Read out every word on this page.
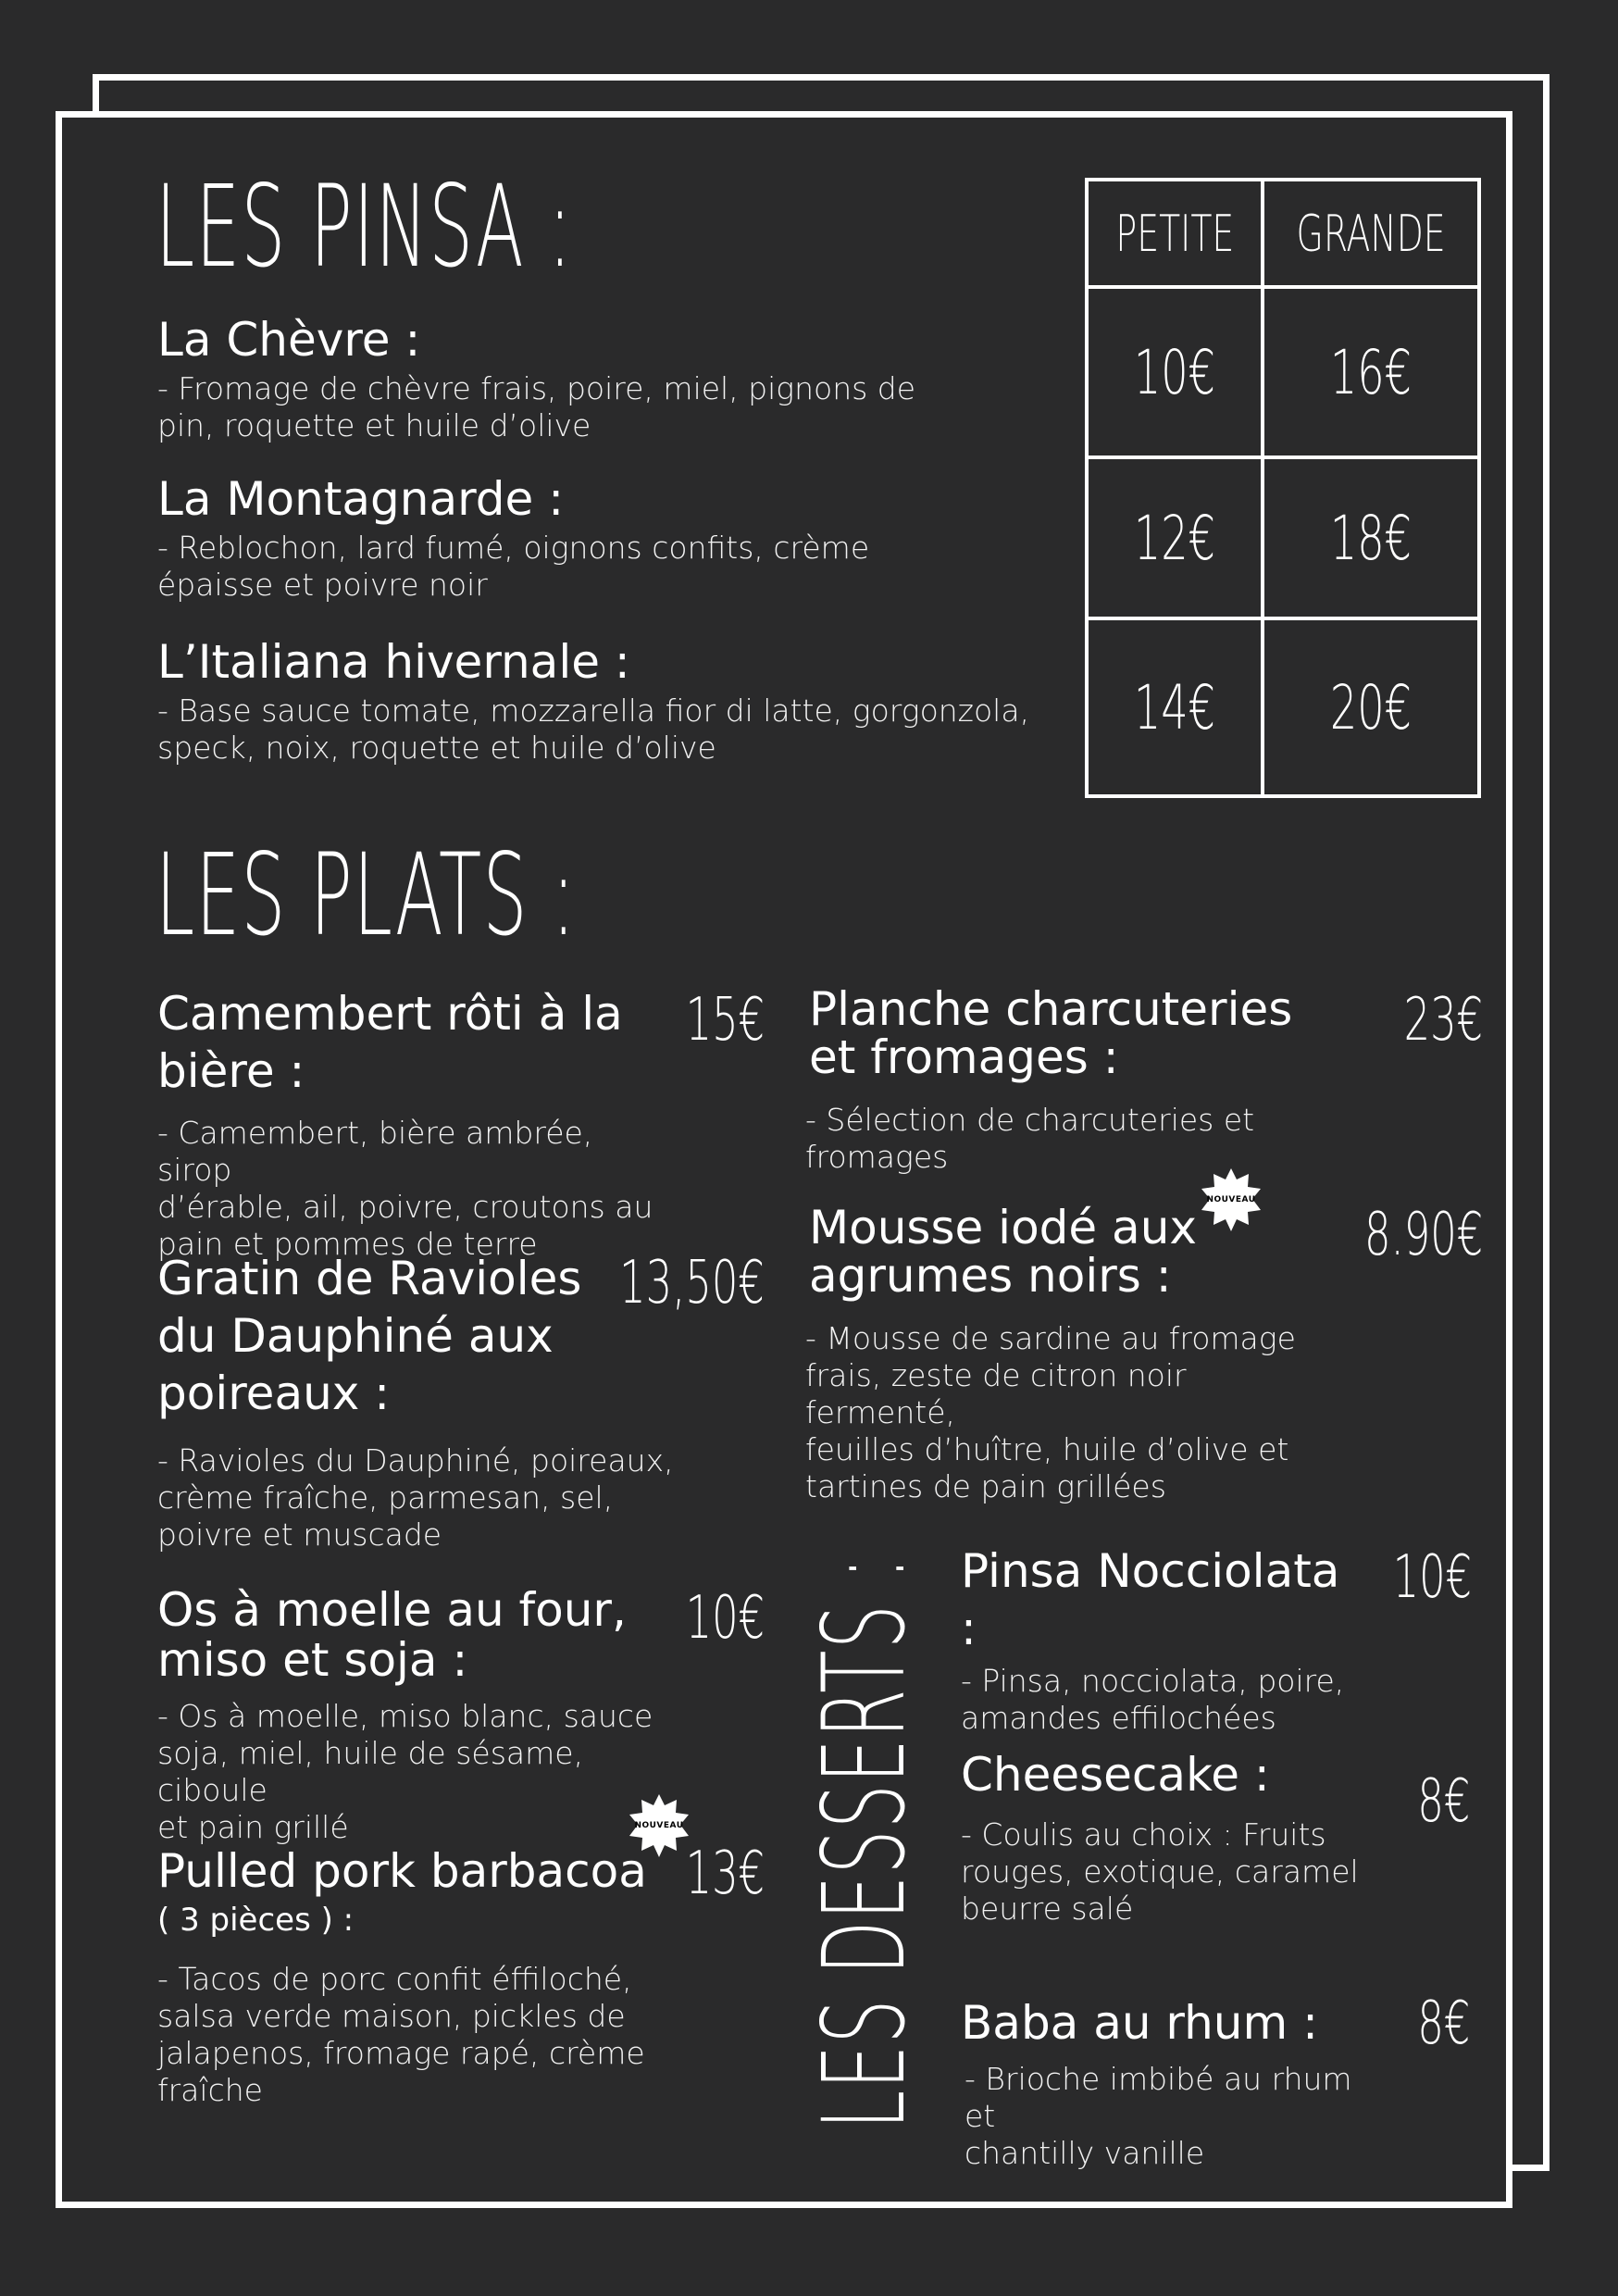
LES PINSA :
La Chèvre :
- Fromage de chèvre frais, poire, miel, pignons de
pin, roquette et huile d’olive
La Montagnarde :
- Reblochon, lard fumé, oignons confits, crème
épaisse et poivre noir
L’Italiana hivernale :
- Base sauce tomate, mozzarella fior di latte, gorgonzola,
speck, noix, roquette et huile d’olive
PETITE	GRANDE
10€	16€
12€	18€
14€	20€
LES PLATS :
Camembert rôti à la
bière :
- Camembert, bière ambrée, sirop
d’érable, ail, poivre, croutons au
pain et pommes de terre
15€
Gratin de Ravioles
du Dauphiné aux
poireaux :
- Ravioles du Dauphiné, poireaux,
crème fraîche, parmesan, sel,
poivre et muscade
13,50€
Os à moelle au four,
miso et soja :
- Os à moelle, miso blanc, sauce
soja, miel, huile de sésame, ciboule
et pain grillé
10€
Pulled pork barbacoa
( 3 pièces ) :
- Tacos de porc confit éffiloché,
salsa verde maison, pickles de
jalapenos, fromage rapé, crème
fraîche
13€
NOUVEAU
Planche charcuteries
et fromages :
- Sélection de charcuteries et
fromages
23€
Mousse iodé aux
agrumes noirs :
- Mousse de sardine au fromage
frais, zeste de citron noir fermenté,
feuilles d’huître, huile d’olive et
tartines de pain grillées
8.90€
NOUVEAU
LES DESSERTS : Pinsa Nocciolata :
- Pinsa, nocciolata, poire,
amandes effilochées
10€
Cheesecake :
- Coulis au choix : Fruits
rouges, exotique, caramel
beurre salé
8€
Baba au rhum :
- Brioche imbibé au rhum et
chantilly vanille
8€
